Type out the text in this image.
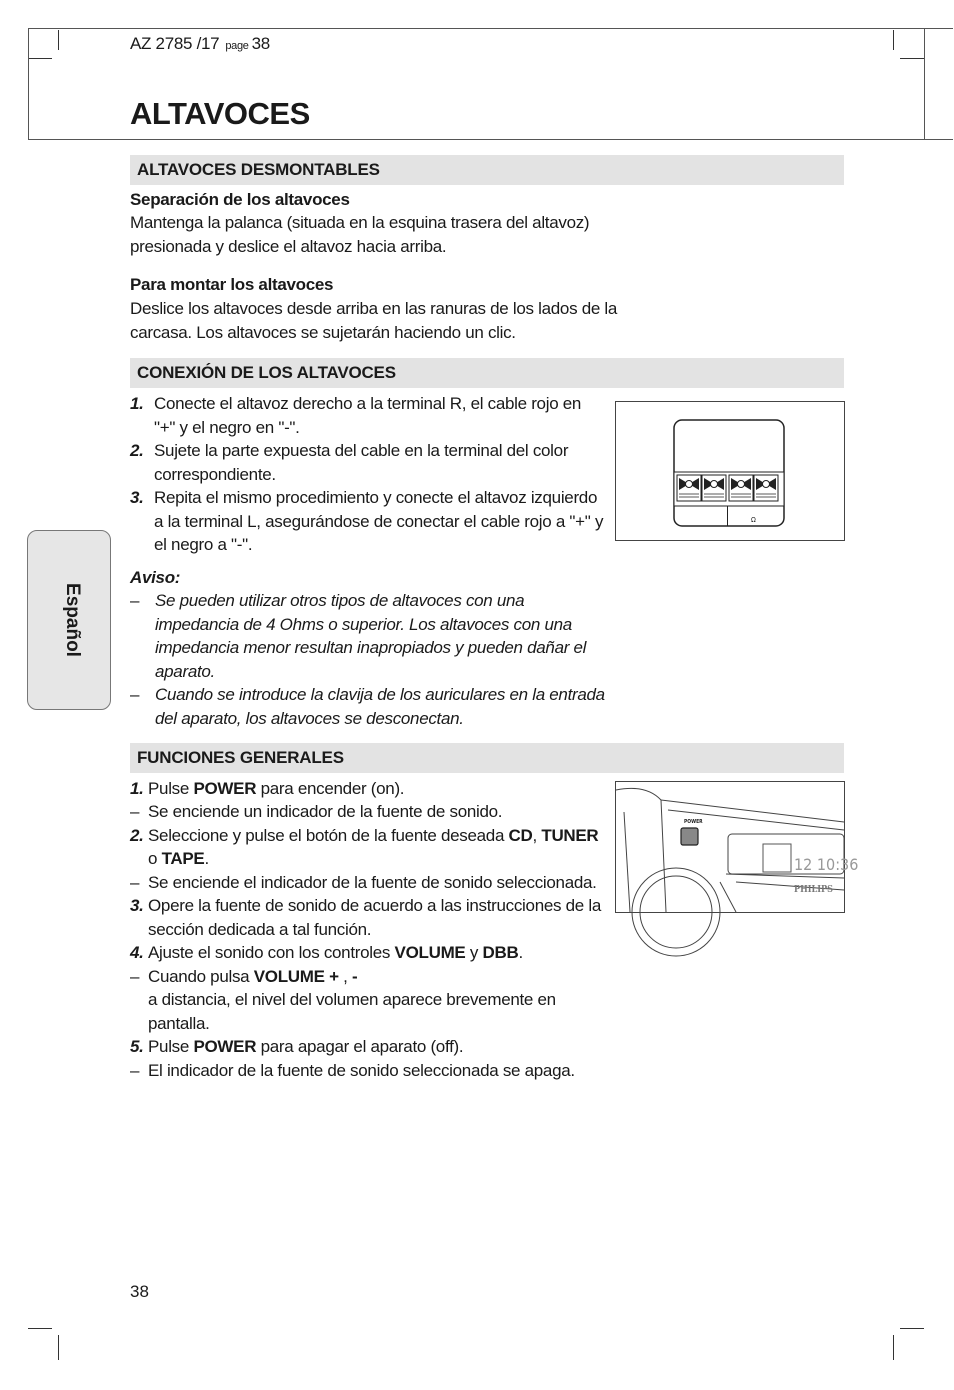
AZ 2785 /17 page 38
ALTAVOCES
Español
ALTAVOCES DESMONTABLES
Separación de los altavoces
Mantenga la palanca (situada en la esquina trasera del altavoz)
presionada y deslice el altavoz hacia arriba.
Para montar los altavoces
Deslice los altavoces desde arriba en las ranuras de los lados de la
carcasa. Los altavoces se sujetarán haciendo un clic.
CONEXIÓN DE LOS ALTAVOCES
1. Conecte el altavoz derecho a la terminal R, el cable rojo en
"+" y el negro en "-".
2. Sujete la parte expuesta del cable en la terminal del color
correspondiente.
3. Repita el mismo procedimiento y conecte el altavoz izquierdo
a la terminal L, asegurándose de conectar el cable rojo a "+" y
el negro a "-".
Aviso:
– Se pueden utilizar otros tipos de altavoces con una
impedancia de 4 Ohms o superior. Los altavoces con una
impedancia menor resultan inapropiados y pueden dañar el
aparato.
– Cuando se introduce la clavija de los auriculares en la entrada
del aparato, los altavoces se desconectan.
Ω
FUNCIONES GENERALES
1. Pulse POWER para encender (on).
– Se enciende un indicador de la fuente de sonido.
2. Seleccione y pulse el botón de la fuente deseada CD, TUNER
o TAPE.
– Se enciende el indicador de la fuente de sonido seleccionada.
3. Opere la fuente de sonido de acuerdo a las instrucciones de la
sección dedicada a tal función.
4. Ajuste el sonido con los controles VOLUME y DBB.
– Cuando pulsa VOLUME + , -
a distancia, el nivel del volumen aparece brevemente en
pantalla.
5. Pulse POWER para apagar el aparato (off).
– El indicador de la fuente de sonido seleccionada se apaga.
POWER
12 10:36
PHILIPS
38
